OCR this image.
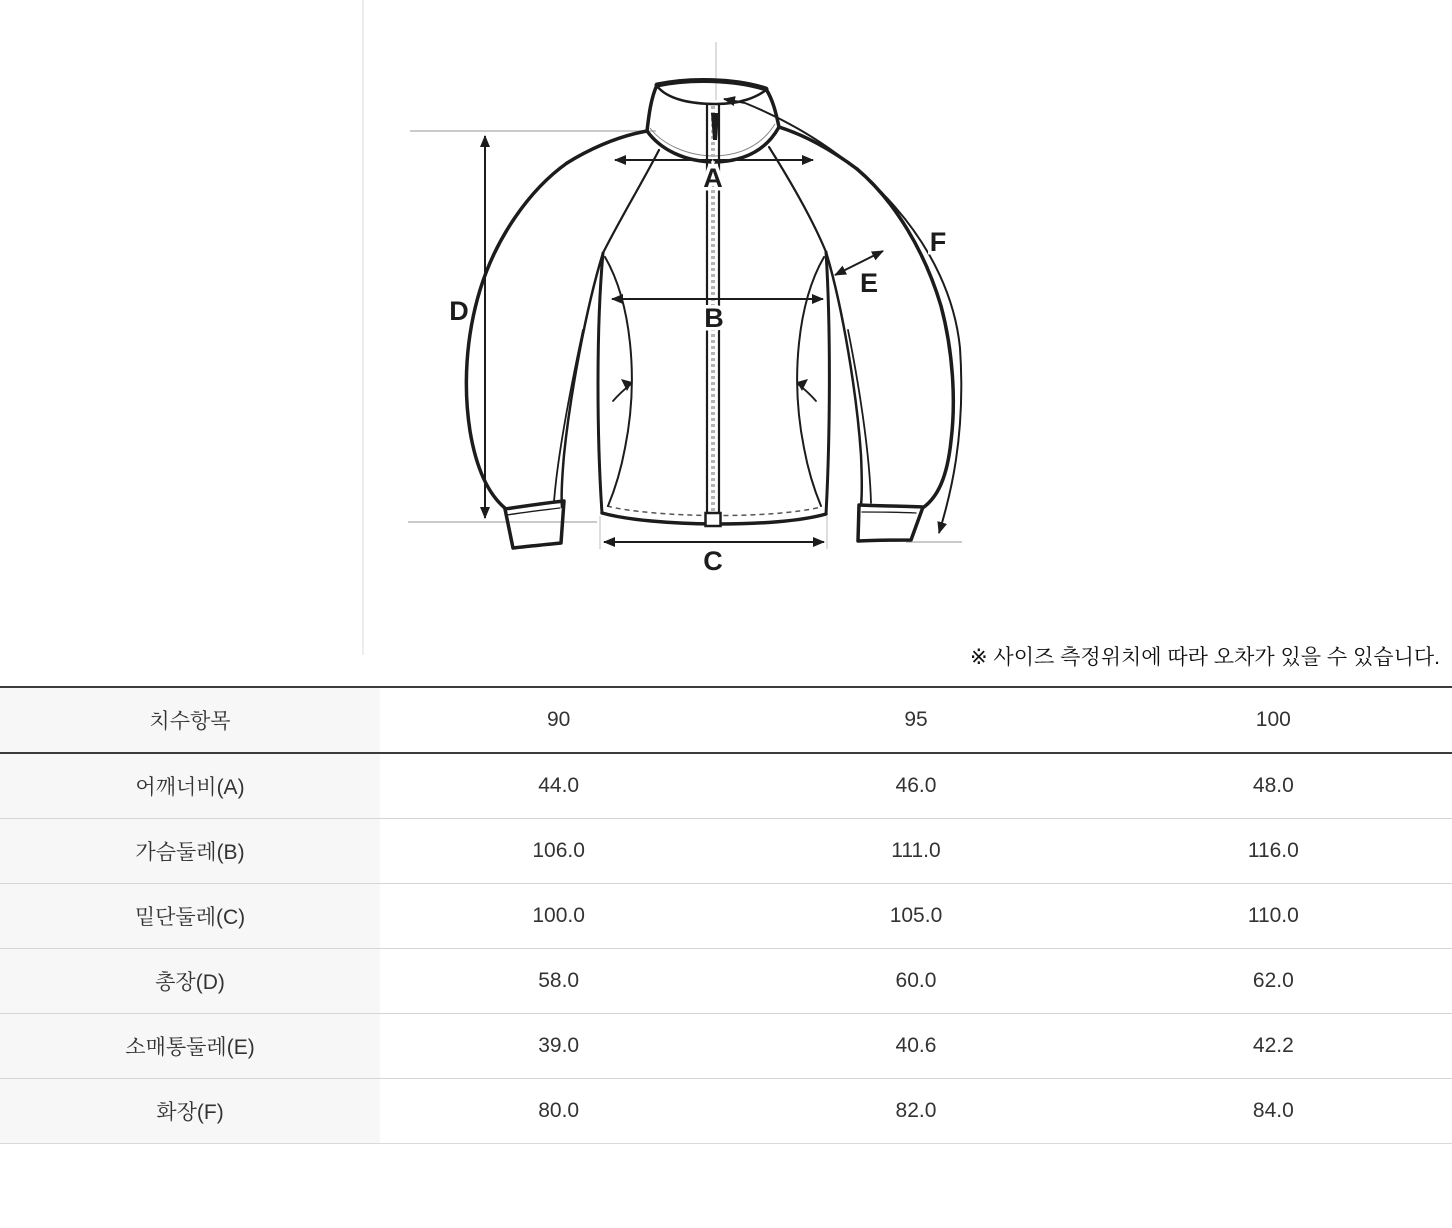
A
B
C
D
E
F
※ 사이즈 측정위치에 따라 오차가 있을 수 있습니다.
치수항목	90	95	100
어깨너비(A)	44.0	46.0	48.0
가슴둘레(B)	106.0	111.0	116.0
밑단둘레(C)	100.0	105.0	110.0
총장(D)	58.0	60.0	62.0
소매통둘레(E)	39.0	40.6	42.2
화장(F)	80.0	82.0	84.0
